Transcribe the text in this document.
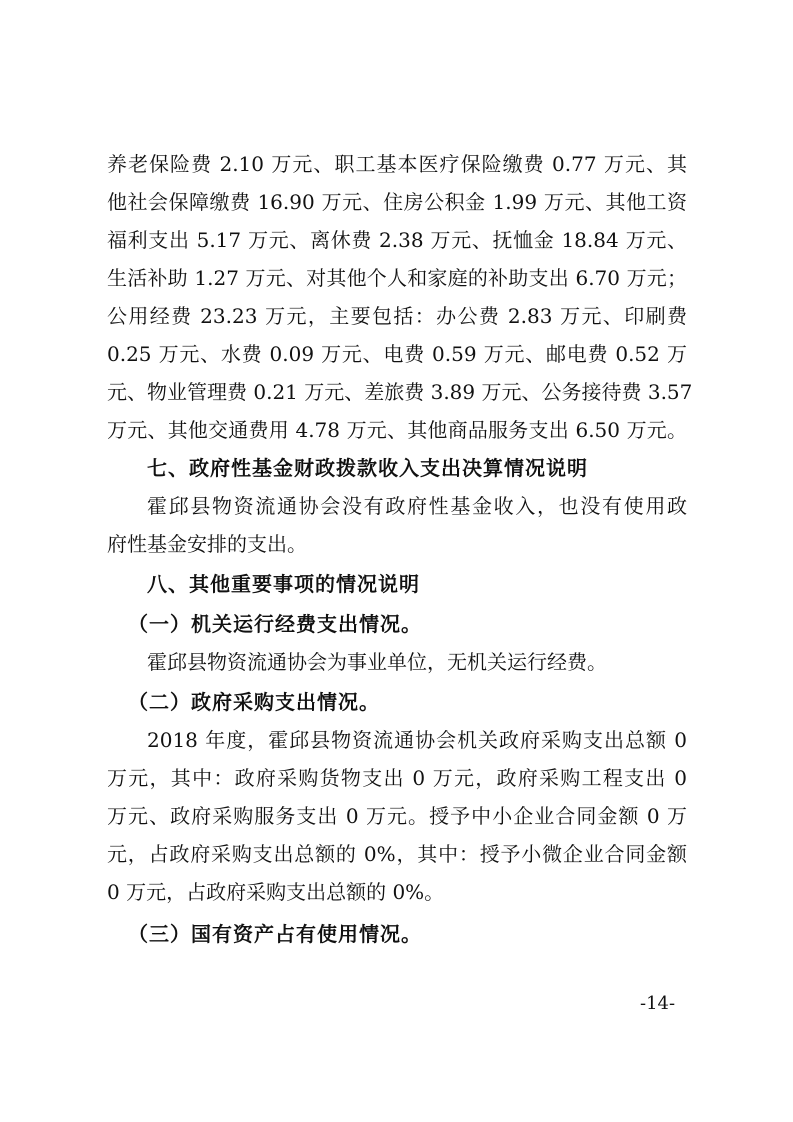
养老保险费 2.10 万元、职工基本医疗保险缴费 0.77 万元、其
他社会保障缴费 16.90 万元、住房公积金 1.99 万元、其他工资
福利支出 5.17 万元、离休费 2.38 万元、抚恤金 18.84 万元、
生活补助 1.27 万元、对其他个人和家庭的补助支出 6.70 万元；
公用经费 23.23 万元，主要包括：办公费 2.83 万元、印刷费
0.25 万元、水费 0.09 万元、电费 0.59 万元、邮电费 0.52 万
元、物业管理费 0.21 万元、差旅费 3.89 万元、公务接待费 3.57
万元、其他交通费用 4.78 万元、其他商品服务支出 6.50 万元。
七、政府性基金财政拨款收入支出决算情况说明
霍邱县物资流通协会没有政府性基金收入，也没有使用政
府性基金安排的支出。
八、其他重要事项的情况说明
（一）机关运行经费支出情况。
霍邱县物资流通协会为事业单位，无机关运行经费。
（二）政府采购支出情况。
2018 年度，霍邱县物资流通协会机关政府采购支出总额 0
万元，其中：政府采购货物支出 0 万元，政府采购工程支出 0
万元、政府采购服务支出 0 万元。授予中小企业合同金额 0 万
元，占政府采购支出总额的 0%，其中：授予小微企业合同金额
0 万元，占政府采购支出总额的 0%。
（三）国有资产占有使用情况。
-14-
